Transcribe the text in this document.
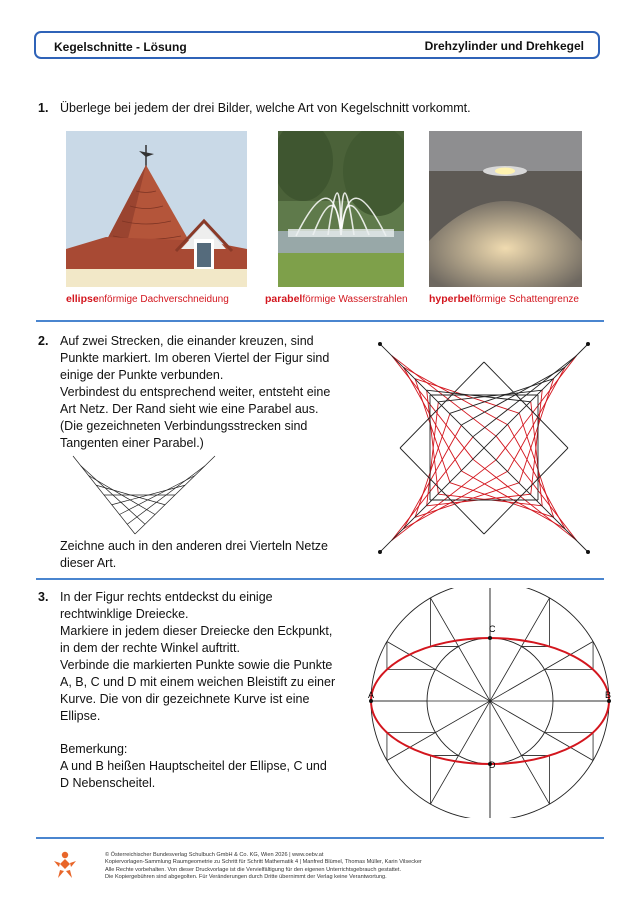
Kegelschnitte - Lösung	Drehzylinder und Drehkegel
1. Überlege bei jedem der drei Bilder, welche Art von Kegelschnitt vorkommt.
ellipsenförmige Dachverschneidung	parabelförmige Wasserstrahlen hyperbelförmige Schattengrenze
2. Auf zwei Strecken, die einander kreuzen, sind
Punkte markiert. Im oberen Viertel der Figur sind
einige der Punkte verbunden.
Verbindest du entsprechend weiter, entsteht eine
Art Netz. Der Rand sieht wie eine Parabel aus.
(Die gezeichneten Verbindungsstrecken sind
Tangenten einer Parabel.)
Zeichne auch in den anderen drei Vierteln Netze
dieser Art.
3. In der Figur rechts entdeckst du einige
rechtwinklige Dreiecke.
Markiere in jedem dieser Dreiecke den Eckpunkt,
in dem der rechte Winkel auftritt.
Verbinde die markierten Punkte sowie die Punkte
A, B, C und D mit einem weichen Bleistift zu einer
Kurve. Die von dir gezeichnete Kurve ist eine
Ellipse.
Bemerkung:
A und B heißen Hauptscheitel der Ellipse, C und
D Nebenscheitel.
A	B
C
D
© Österreichischer Bundesverlag Schulbuch GmbH & Co. KG, Wien 2026 | www.oebv.at
Kopiervorlagen-Sammlung Raumgeometrie zu Schritt für Schritt Mathematik 4 | Manfred Blümel, Thomas Müller, Karin Vilsecker
Alle Rechte vorbehalten. Von dieser Druckvorlage ist die Vervielfältigung für den eigenen Unterrichtsgebrauch gestattet.
Die Kopiergebühren sind abgegolten. Für Veränderungen durch Dritte übernimmt der Verlag keine Verantwortung.
